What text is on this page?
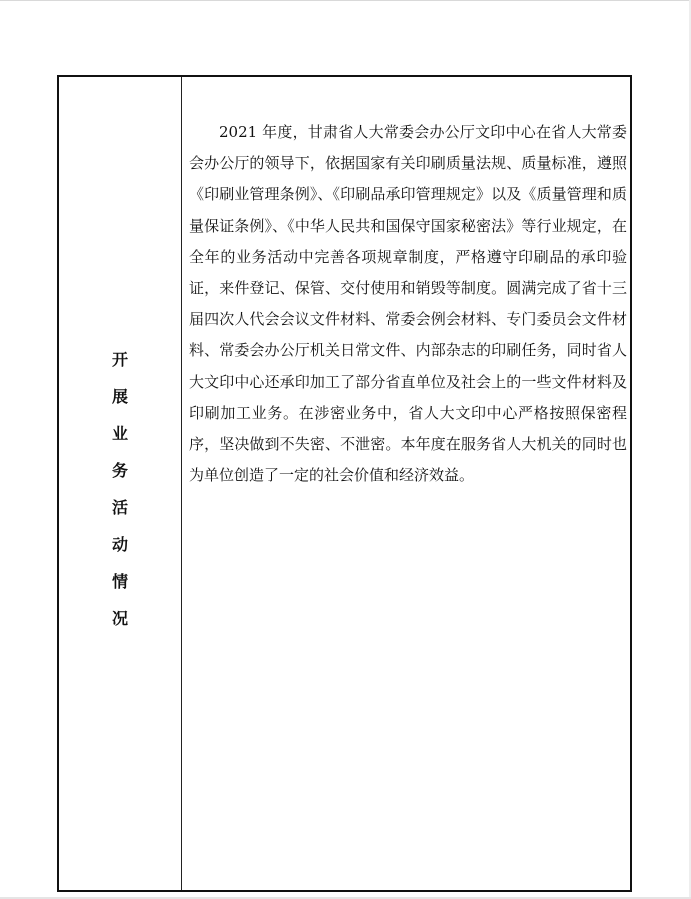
开
展
业
务
活
动
情
况

2021 年度，甘肃省人大常委会办公厅文印中心在省人大常委会办公厅的领导下，依据国家有关印刷质量法规、质量标准，遵照《印刷业管理条例》、《印刷品承印管理规定》以及《质量管理和质量保证条例》、《中华人民共和国保守国家秘密法》等行业规定，在全年的业务活动中完善各项规章制度，严格遵守印刷品的承印验证，来件登记、保管、交付使用和销毁等制度。圆满完成了省十三届四次人代会会议文件材料、常委会例会材料、专门委员会文件材料、常委会办公厅机关日常文件、内部杂志的印刷任务，同时省人大文印中心还承印加工了部分省直单位及社会上的一些文件材料及印刷加工业务。在涉密业务中，省人大文印中心严格按照保密程序，坚决做到不失密、不泄密。本年度在服务省人大机关的同时也为单位创造了一定的社会价值和经济效益。
